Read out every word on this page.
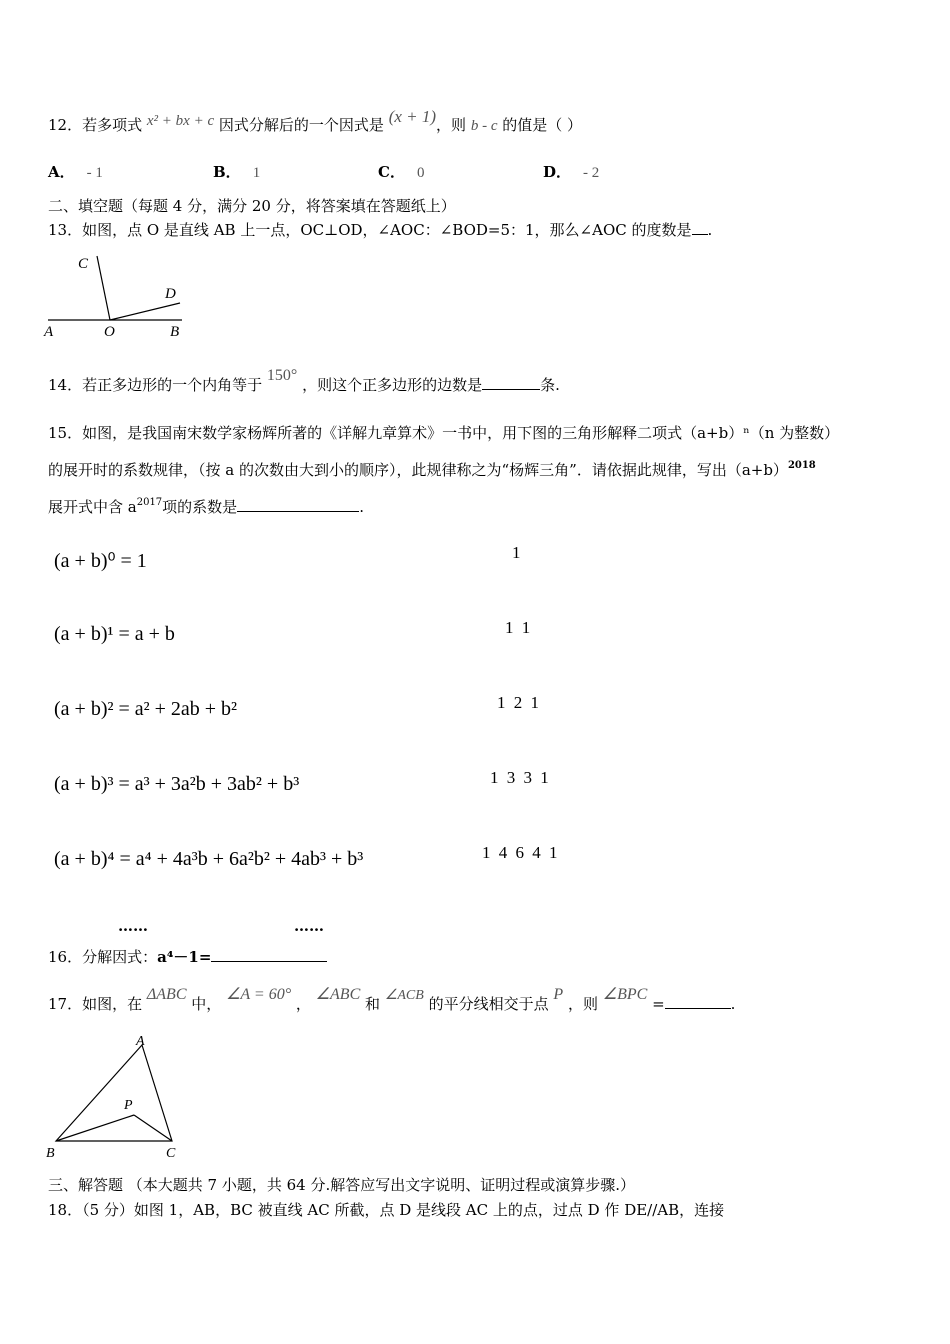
12．若多项式 x² + bx + c 因式分解后的一个因式是 (x + 1)，则 b - c 的值是（ ）
A． - 1	B． 1	C． 0	D． - 2
二、填空题（每题 4 分，满分 20 分，将答案填在答题纸上）
13．如图，点 O 是直线 AB 上一点，OC⊥OD，∠AOC：∠BOD=5：1，那么∠AOC 的度数是 .
A	O	B
C
D
14．若正多边形的一个内角等于 150° ，则这个正多边形的边数是	条.
15．如图，是我国南宋数学家杨辉所著的《详解九章算术》一书中，用下图的三角形解释二项式（a+b）ⁿ（n 为整数）
的展开时的系数规律，（按 a 的次数由大到小的顺序），此规律称之为“杨辉三角”．请依据此规律，写出$(a+b)^{2018}$
展开式中含 $a^{2017}$项的系数是	.
(a + b)⁰ = 1	1
(a + b)¹ = a + b	1 1
(a + b)² = a² + 2ab + b²	1 2 1
(a + b)³ = a³ + 3a²b + 3ab² + b³	1 3 3 1
(a + b)⁴ = a⁴ + 4a³b + 6a²b² + 4ab³ + b³	1 4 6 4 1
……	……
16．分解因式：a⁴－1=
17．如图，在 ΔABC 中， ∠A = 60° ， ∠ABC 和 ∠ACB 的平分线相交于点 P ，则 ∠BPC =	.
A
B	C
P
三、解答题 （本大题共 7 小题，共 64 分.解答应写出文字说明、证明过程或演算步骤.）
18．（5 分）如图 1，AB，BC 被直线 AC 所截，点 D 是线段 AC 上的点，过点 D 作 DE//AB，连接
